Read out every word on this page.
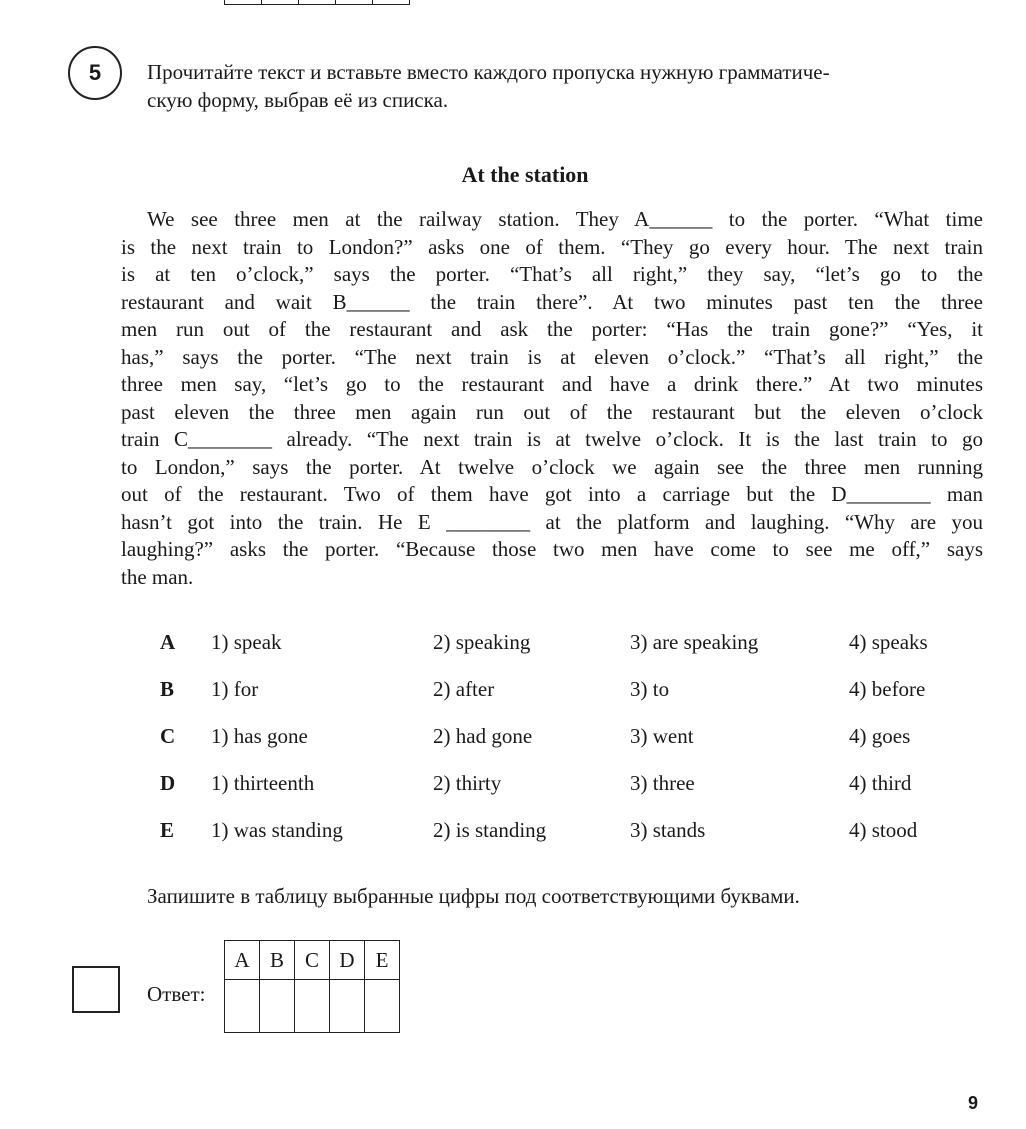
5 Прочитайте текст и вставьте вместо каждого пропуска нужную грамматиче-
скую форму, выбрав её из списка.

At the station
We see three men at the railway station. They A______ to the porter. “What time
is the next train to London?” asks one of them. “They go every hour. The next train
is at ten o’clock,” says the porter. “That’s all right,” they say, “let’s go to the
restaurant and wait B______ the train there”. At two minutes past ten the three
men run out of the restaurant and ask the porter: “Has the train gone?” “Yes, it
has,” says the porter. “The next train is at eleven o’clock.” “That’s all right,” the
three men say, “let’s go to the restaurant and have a drink there.” At two minutes
past eleven the three men again run out of the restaurant but the eleven o’clock
train C________ already. “The next train is at twelve o’clock. It is the last train to go
to London,” says the porter. At twelve o’clock we again see the three men running
out of the restaurant. Two of them have got into a carriage but the D________ man
hasn’t got into the train. He E ________ at the platform and laughing. “Why are you
laughing?” asks the porter. “Because those two men have come to see me off,” says
the man.
A 1) speak	2) speaking	3) are speaking	4) speaks
B 1) for	2) after	3) to	4) before
C 1) has gone	2) had gone	3) went	4) goes
D 1) thirteenth	2) thirty	3) three	4) third
E 1) was standing	2) is standing	3) stands	4) stood

Запишите в таблицу выбранные цифры под соответствующими буквами.

Ответ:

A	B	C	D	E

9
